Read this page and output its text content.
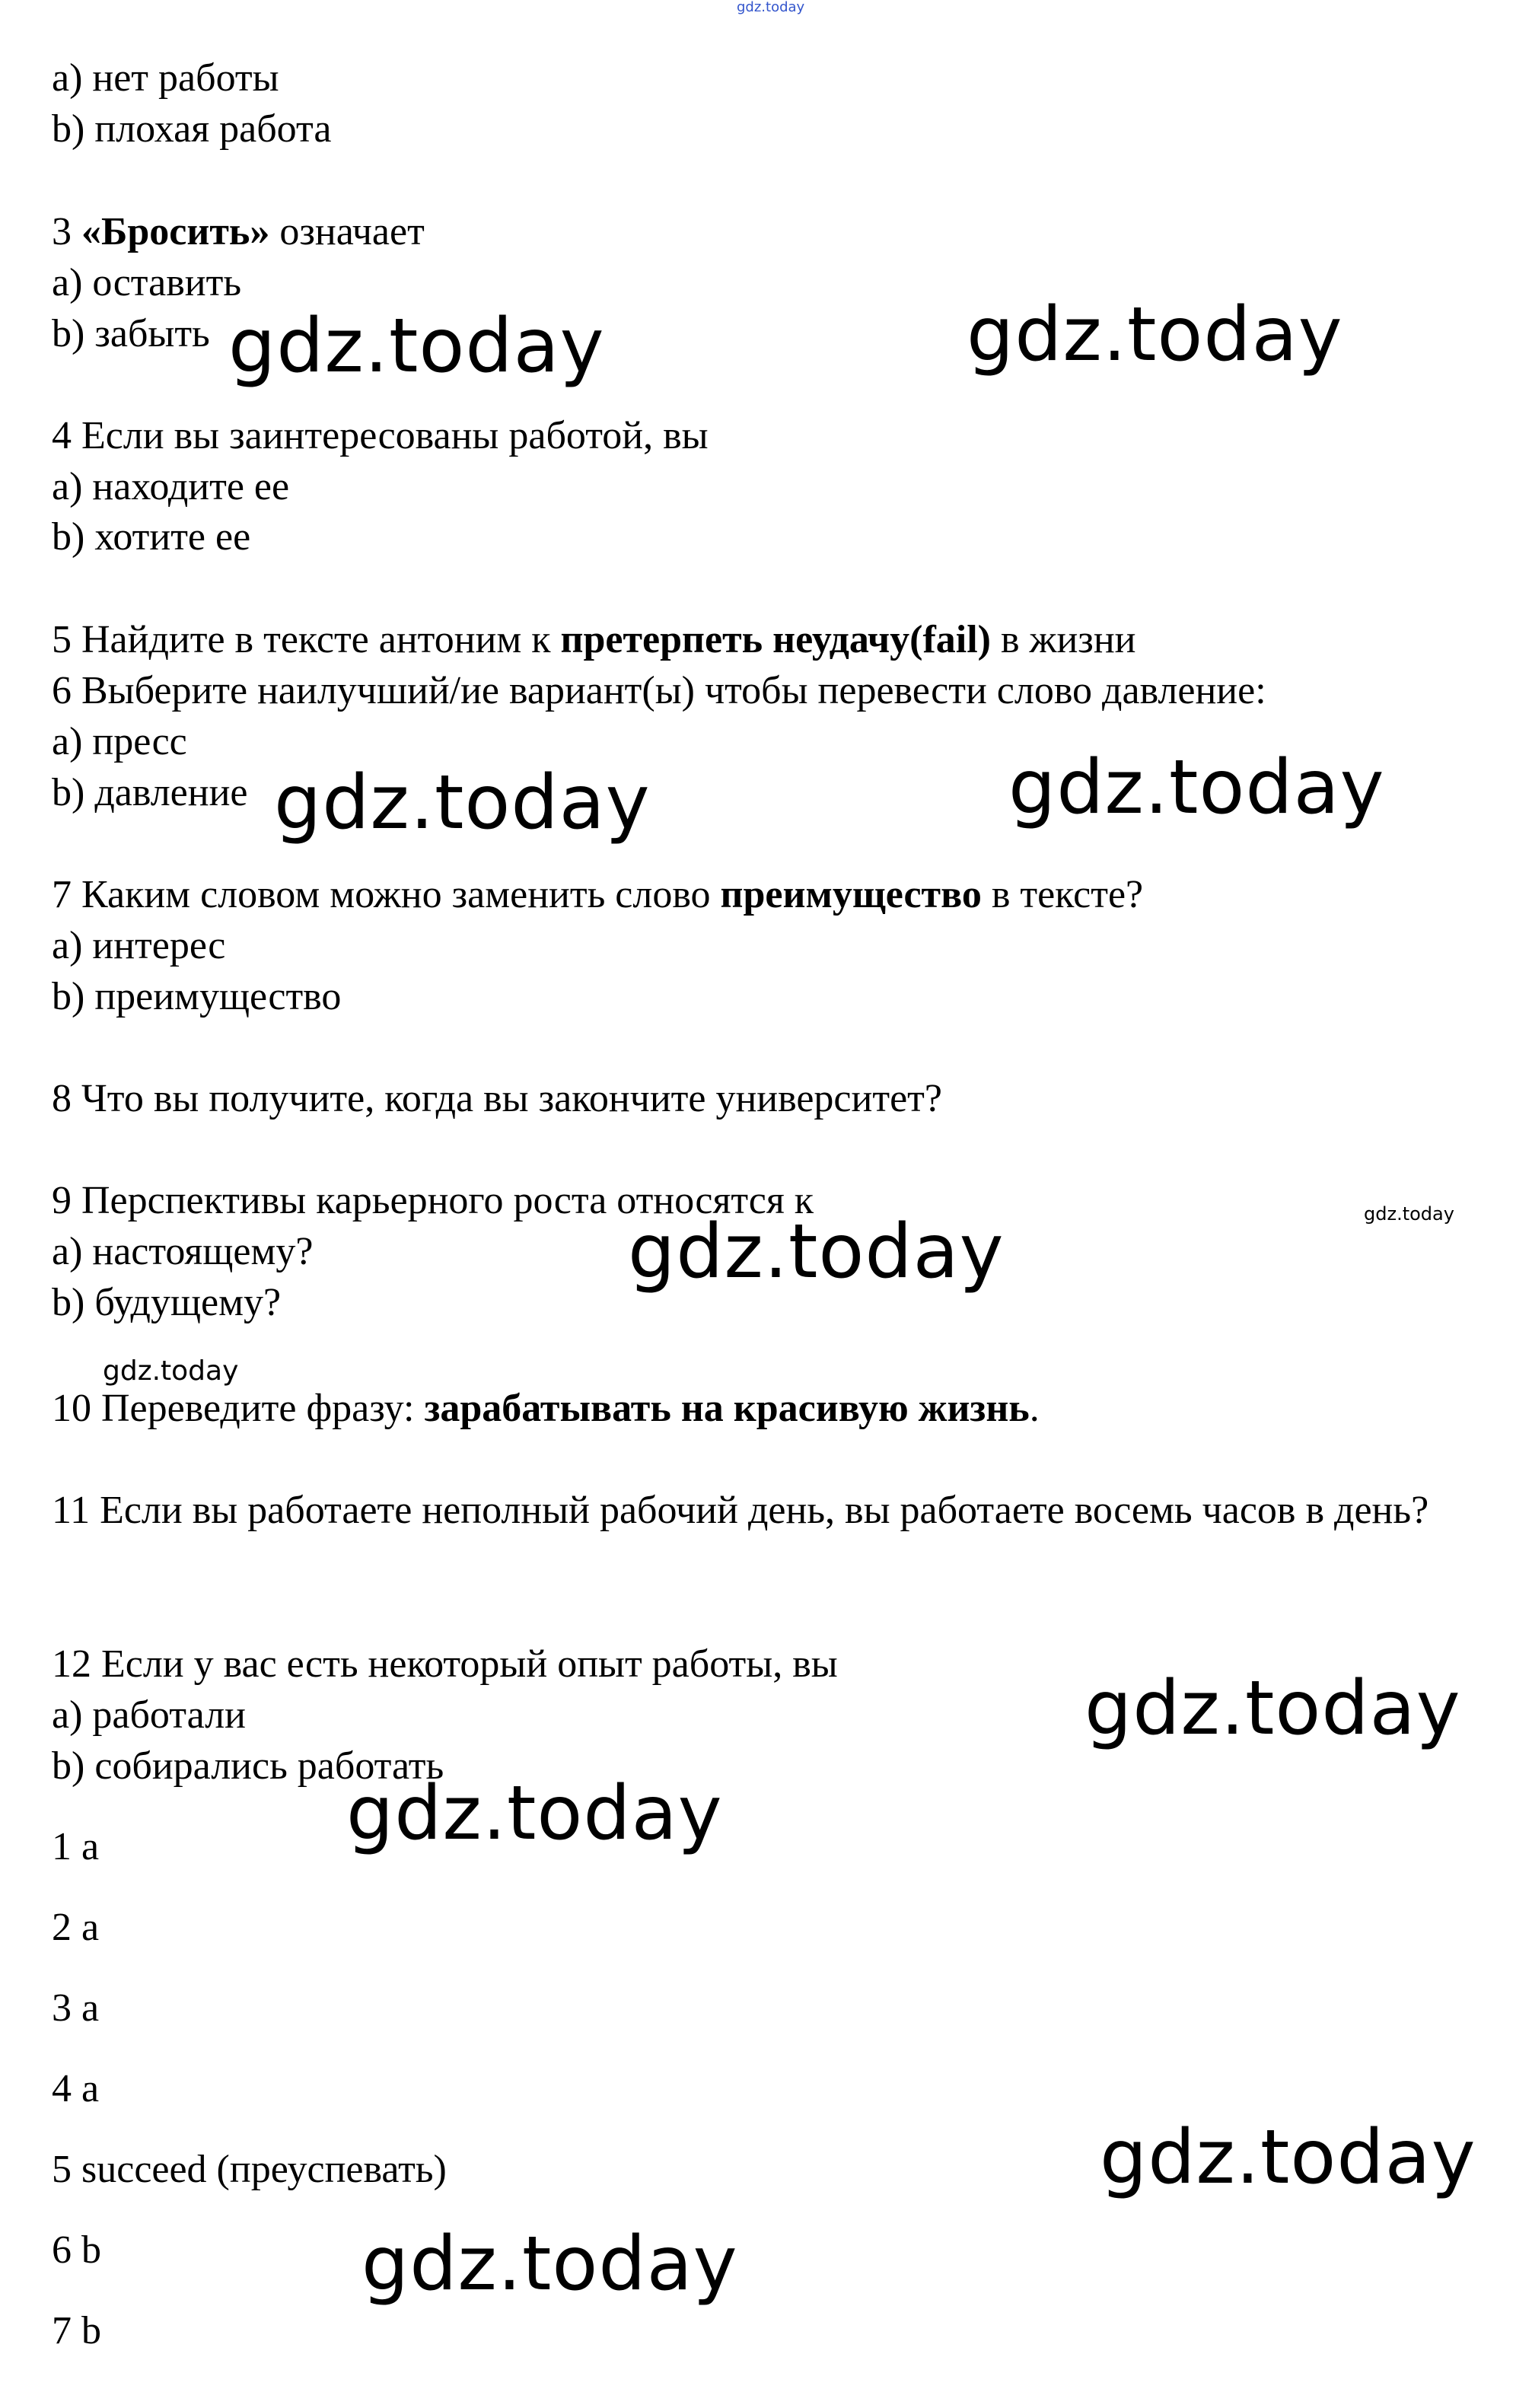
gdz.today
a) нет работы
b) плохая работа
3 «Бросить» означает
a) оставить
b) забыть
4 Если вы заинтересованы работой, вы
a) находите ее
b) хотите ее
5 Найдите в тексте антоним к претерпеть неудачу(fail) в жизни
6 Выберите наилучший/ие вариант(ы) чтобы перевести слово давление:
a) пресс
b) давление
7 Каким словом можно заменить слово преимущество в тексте?
a) интерес
b) преимущество
8 Что вы получите, когда вы закончите университет?
9 Перспективы карьерного роста относятся к
a) настоящему?
b) будущему?
10 Переведите фразу: зарабатывать на красивую жизнь.
11 Если вы работаете неполный рабочий день, вы работаете восемь часов в день?
12 Если у вас есть некоторый опыт работы, вы
a) работали
b) собирались работать
1 a
2 a
3 a
4 a
5 succeed (преуспевать)
6 b
7 b
gdz.today	gdz.today
gdz.today	gdz.today
gdz.today	gdz.today
gdz.today
gdz.today
gdz.today
gdz.today
gdz.today
